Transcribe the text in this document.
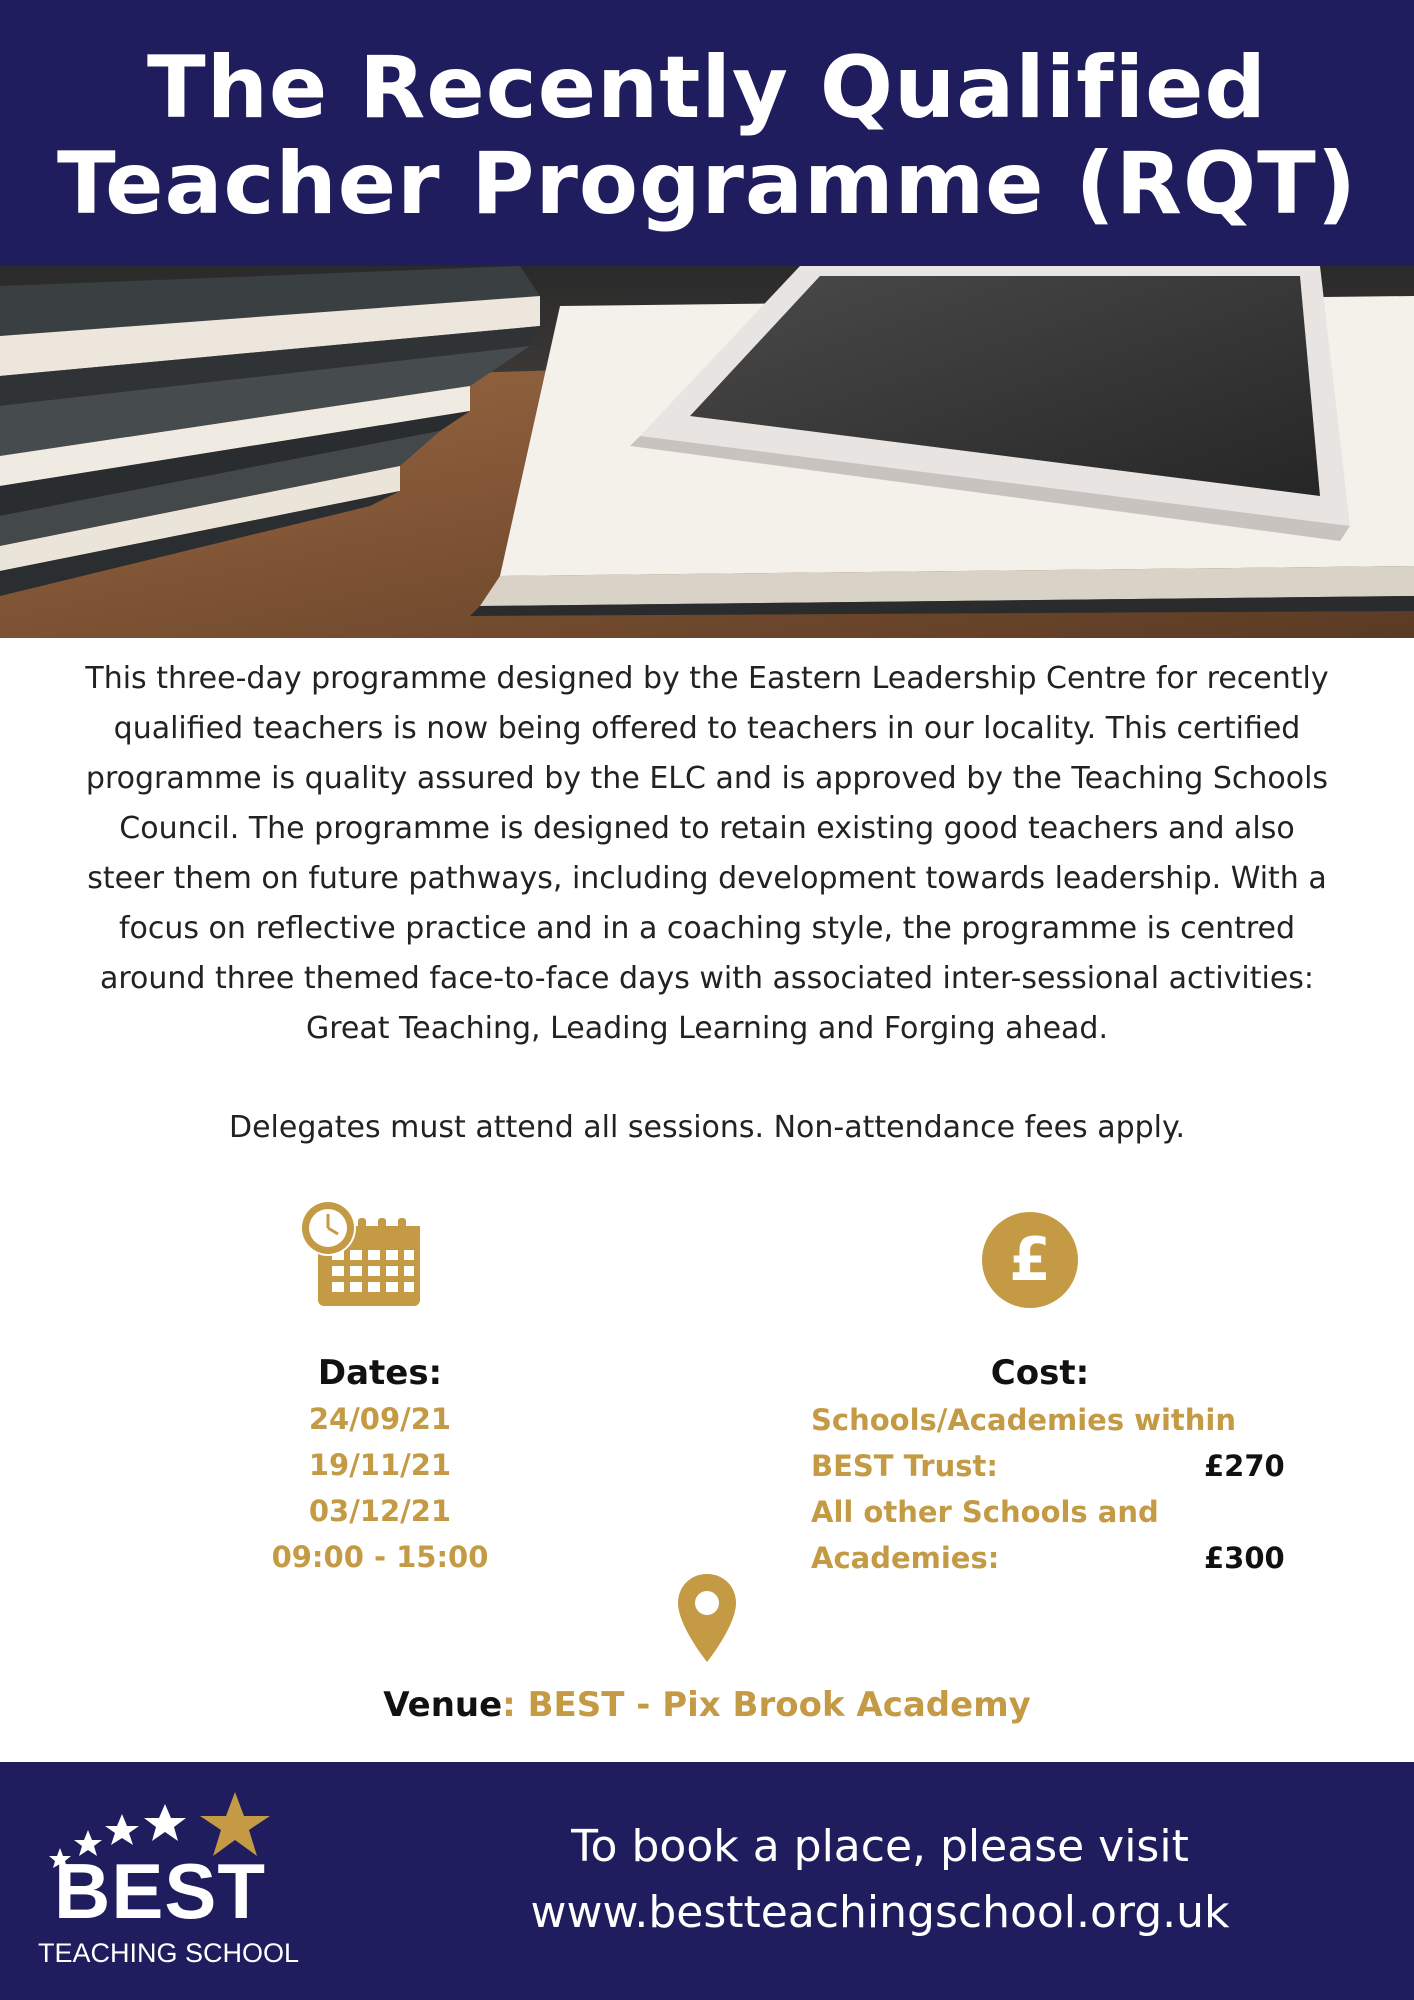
The Recently Qualified
Teacher Programme (RQT)

This three-day programme designed by the Eastern Leadership Centre for recently
qualified teachers is now being offered to teachers in our locality. This certified
programme is quality assured by the ELC and is approved by the Teaching Schools
Council. The programme is designed to retain existing good teachers and also
steer them on future pathways, including development towards leadership. With a
focus on reflective practice and in a coaching style, the programme is centred
around three themed face-to-face days with associated inter-sessional activities:
Great Teaching, Leading Learning and Forging ahead.

Delegates must attend all sessions. Non-attendance fees apply.

£
Dates:
24/09/21
19/11/21
03/12/21
09:00 - 15:00
Cost:
Schools/Academies within
BEST Trust:	£270
All other Schools and
Academies:	£300
Venue: BEST - Pix Brook Academy
BEST
TEACHING SCHOOL
To book a place, please visit
www.bestteachingschool.org.uk
